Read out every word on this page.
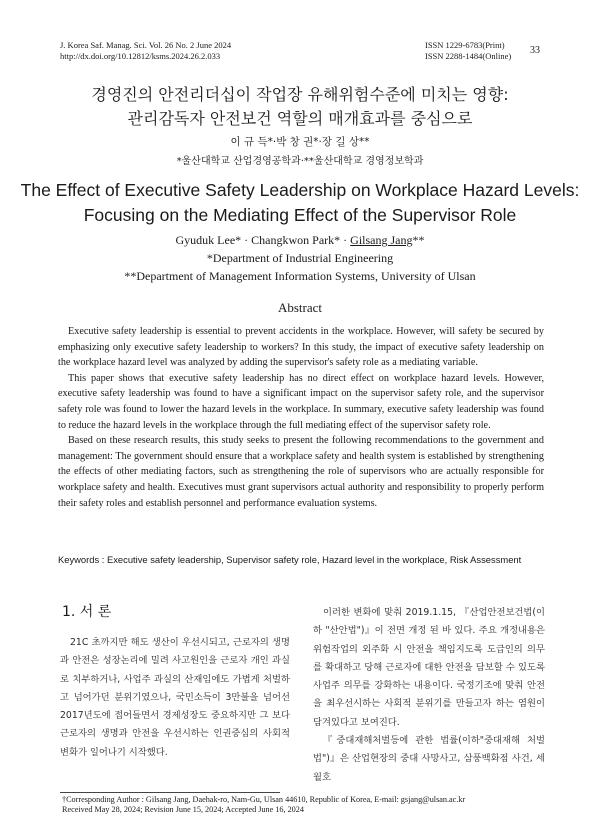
J. Korea Saf. Manag. Sci. Vol. 26 No. 2 June 2024
http://dx.doi.org/10.12812/ksms.2024.26.2.033
ISSN 1229-6783(Print)
ISSN 2288-1484(Online) 33
경영진의 안전리더십이 작업장 유해위험수준에 미치는 영향:
관리감독자 안전보건 역할의 매개효과를 중심으로
이 규 득*·박 창 권*·장 길 상**
*울산대학교 산업경영공학과·**울산대학교 경영정보학과
The Effect of Executive Safety Leadership on Workplace Hazard Levels:
Focusing on the Mediating Effect of the Supervisor Role
Gyuduk Lee* · Changkwon Park* · Gilsang Jang**
*Department of Industrial Engineering
**Department of Management Information Systems, University of Ulsan
Abstract

Executive safety leadership is essential to prevent accidents in the workplace. However, will safety be secured by emphasizing only executive safety leadership to workers? In this study, the impact of executive safety leadership on the workplace hazard level was analyzed by adding the supervisor's safety role as a mediating variable.

This paper shows that executive safety leadership has no direct effect on workplace hazard levels. However, executive safety leadership was found to have a significant impact on the supervisor safety role, and the supervisor safety role was found to lower the hazard levels in the workplace. In summary, executive safety leadership was found to reduce the hazard levels in the workplace through the full mediating effect of the supervisor safety role.

Based on these research results, this study seeks to present the following recommendations to the government and management: The government should ensure that a workplace safety and health system is established by strengthening the effects of other mediating factors, such as strengthening the role of supervisors who are actually responsible for workplace safety and health. Executives must grant supervisors actual authority and responsibility to properly perform their safety roles and establish personnel and performance evaluation systems.

Keywords : Executive safety leadership, Supervisor safety role, Hazard level in the workplace, Risk Assessment
1. 서 론

21C 초까지만 해도 생산이 우선시되고, 근로자의 생명과 안전은 성장논리에 밀려 사고원인을 근로자 개인 과실로 치부하거나, 사업주 과실의 산재임에도 가볍게 처벌하고 넘어가던 분위기였으나, 국민소득이 3만불을 넘어선 2017년도에 접어들면서 경제성장도 중요하지만 그 보다 근로자의 생명과 안전을 우선시하는 인권중심의 사회적 변화가 일어나기 시작했다.

이러한 변화에 맞춰 2019.1.15, 『산업안전보건법(이하 "산안법")』이 전면 개정 된 바 있다. 주요 개정내용은 위험작업의 외주화 시 안전을 책임지도록 도급인의 의무를 확대하고 당해 근로자에 대한 안전을 담보할 수 있도록 사업주 의무를 강화하는 내용이다. 국정기조에 맞춰 안전을 최우선시하는 사회적 분위기를 만들고자 하는 염원이 담겨있다고 보여진다.

『중대재해처벌등에 관한 법률(이하"중대재해 처벌법")』은 산업현장의 중대 사망사고, 삼풍백화점 사건, 세월호

†Corresponding Author : Gilsang Jang, Daehak-ro, Nam-Gu, Ulsan 44610, Republic of Korea, E-mail: gsjang@ulsan.ac.kr
Received May 28, 2024; Revision June 15, 2024; Accepted June 16, 2024
